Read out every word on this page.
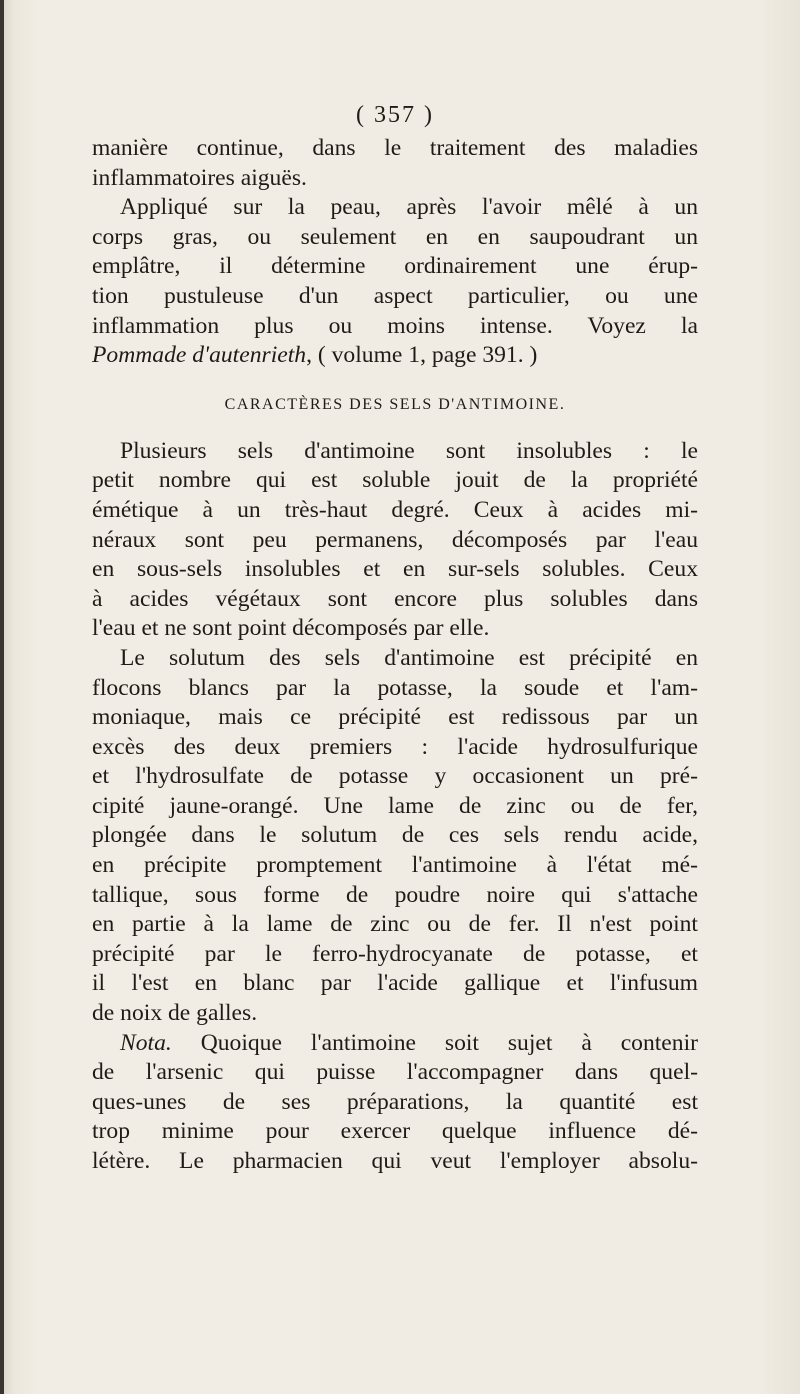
( 357 )
manière continue, dans le traitement des maladies
inflammatoires aiguës.
Appliqué sur la peau, après l'avoir mêlé à un
corps gras, ou seulement en en saupoudrant un
emplâtre, il détermine ordinairement une érup-
tion pustuleuse d'un aspect particulier, ou une
inflammation plus ou moins intense. Voyez la
Pommade d'autenrieth, ( volume 1, page 391. )
CARACTÈRES DES SELS D'ANTIMOINE.
Plusieurs sels d'antimoine sont insolubles : le
petit nombre qui est soluble jouit de la propriété
émétique à un très-haut degré. Ceux à acides mi-
néraux sont peu permanens, décomposés par l'eau
en sous-sels insolubles et en sur-sels solubles. Ceux
à acides végétaux sont encore plus solubles dans
l'eau et ne sont point décomposés par elle.
Le solutum des sels d'antimoine est précipité en
flocons blancs par la potasse, la soude et l'am-
moniaque, mais ce précipité est redissous par un
excès des deux premiers : l'acide hydrosulfurique
et l'hydrosulfate de potasse y occasionent un pré-
cipité jaune-orangé. Une lame de zinc ou de fer,
plongée dans le solutum de ces sels rendu acide,
en précipite promptement l'antimoine à l'état mé-
tallique, sous forme de poudre noire qui s'attache
en partie à la lame de zinc ou de fer. Il n'est point
précipité par le ferro-hydrocyanate de potasse, et
il l'est en blanc par l'acide gallique et l'infusum
de noix de galles.
Nota. Quoique l'antimoine soit sujet à contenir
de l'arsenic qui puisse l'accompagner dans quel-
ques-unes de ses préparations, la quantité est
trop minime pour exercer quelque influence dé-
létère. Le pharmacien qui veut l'employer absolu-
